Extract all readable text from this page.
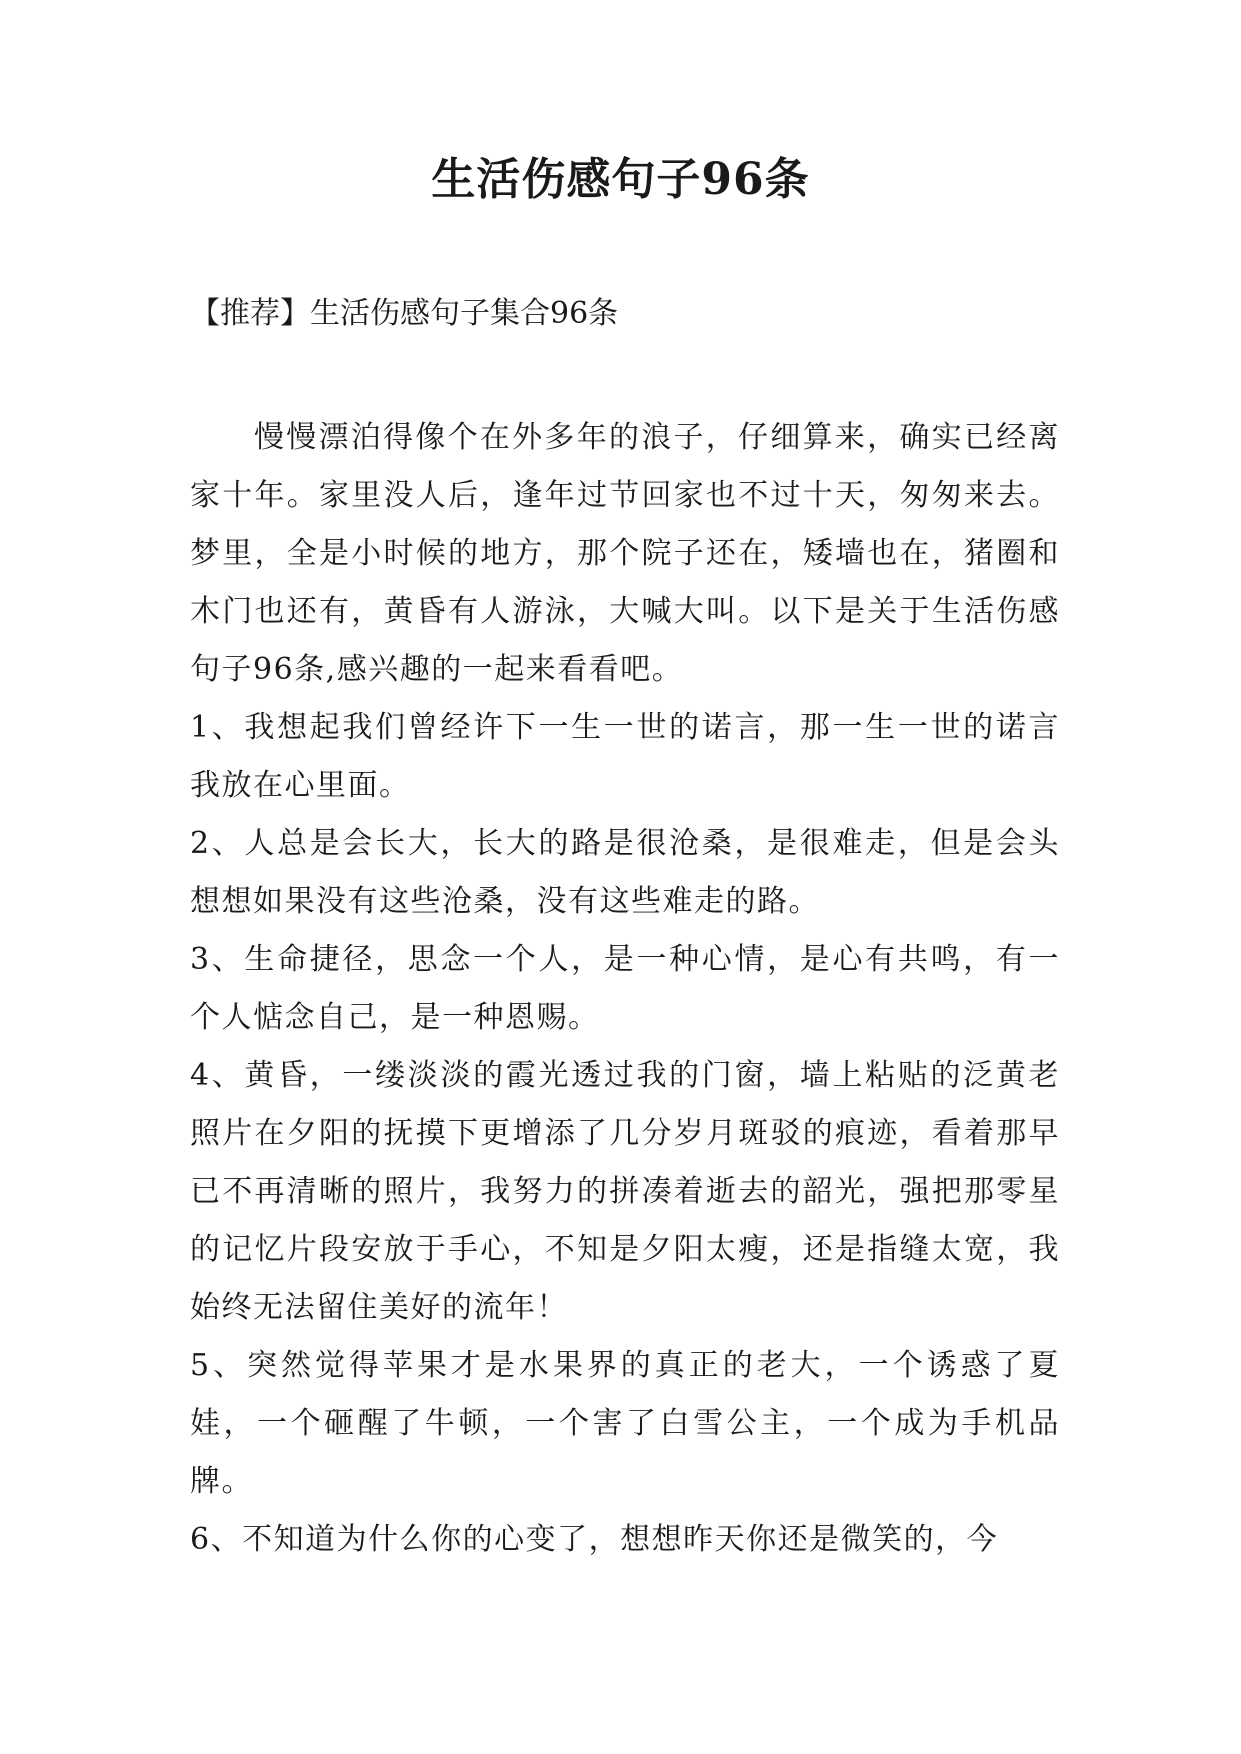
生活伤感句子96条

【推荐】生活伤感句子集合96条

慢慢漂泊得像个在外多年的浪子，仔细算来，确实已经离家十年。家里没人后，逢年过节回家也不过十天，匆匆来去。梦里，全是小时候的地方，那个院子还在，矮墙也在，猪圈和木门也还有，黄昏有人游泳，大喊大叫。以下是关于生活伤感句子96条,感兴趣的一起来看看吧。

1、我想起我们曾经许下一生一世的诺言，那一生一世的诺言我放在心里面。

2、人总是会长大，长大的路是很沧桑，是很难走，但是会头想想如果没有这些沧桑，没有这些难走的路。

3、生命捷径，思念一个人，是一种心情，是心有共鸣，有一个人惦念自己，是一种恩赐。

4、黄昏，一缕淡淡的霞光透过我的门窗，墙上粘贴的泛黄老照片在夕阳的抚摸下更增添了几分岁月斑驳的痕迹，看着那早已不再清晰的照片，我努力的拼凑着逝去的韶光，强把那零星的记忆片段安放于手心，不知是夕阳太瘦，还是指缝太宽，我始终无法留住美好的流年！

5、突然觉得苹果才是水果界的真正的老大，一个诱惑了夏娃，一个砸醒了牛顿，一个害了白雪公主，一个成为手机品牌。

6、不知道为什么你的心变了，想想昨天你还是微笑的，今
